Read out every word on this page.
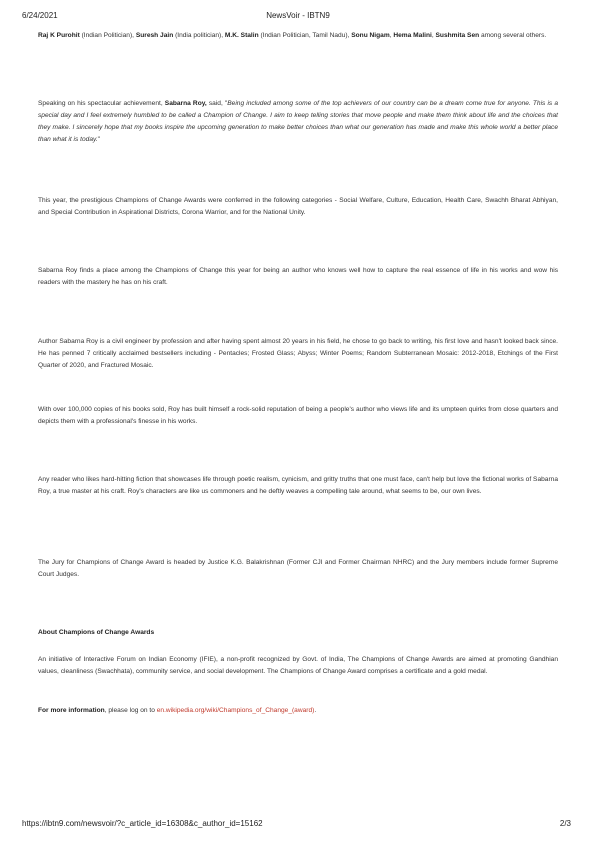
6/24/2021	NewsVoir - IBTN9

Raj K Purohit (Indian Politician), Suresh Jain (India politician), M.K. Stalin (Indian Politician, Tamil Nadu), Sonu Nigam, Hema Malini, Sushmita Sen among several others.

Speaking on his spectacular achievement, Sabarna Roy, said, "Being included among some of the top achievers of our country can be a dream come true for anyone. This is a special day and I feel extremely humbled to be called a Champion of Change. I aim to keep telling stories that move people and make them think about life and the choices that they make. I sincerely hope that my books inspire the upcoming generation to make better choices than what our generation has made and make this whole world a better place than what it is today."

This year, the prestigious Champions of Change Awards were conferred in the following categories - Social Welfare, Culture, Education, Health Care, Swachh Bharat Abhiyan, and Special Contribution in Aspirational Districts, Corona Warrior, and for the National Unity.

Sabarna Roy finds a place among the Champions of Change this year for being an author who knows well how to capture the real essence of life in his works and wow his readers with the mastery he has on his craft.

Author Sabarna Roy is a civil engineer by profession and after having spent almost 20 years in his field, he chose to go back to writing, his first love and hasn't looked back since. He has penned 7 critically acclaimed bestsellers including - Pentacles; Frosted Glass; Abyss; Winter Poems; Random Subterranean Mosaic: 2012-2018, Etchings of the First Quarter of 2020, and Fractured Mosaic.

With over 100,000 copies of his books sold, Roy has built himself a rock-solid reputation of being a people's author who views life and its umpteen quirks from close quarters and depicts them with a professional's finesse in his works.

Any reader who likes hard-hitting fiction that showcases life through poetic realism, cynicism, and gritty truths that one must face, can't help but love the fictional works of Sabarna Roy, a true master at his craft. Roy's characters are like us commoners and he deftly weaves a compelling tale around, what seems to be, our own lives.

The Jury for Champions of Change Award is headed by Justice K.G. Balakrishnan (Former CJI and Former Chairman NHRC) and the Jury members include former Supreme Court Judges.

About Champions of Change Awards

An initiative of Interactive Forum on Indian Economy (IFIE), a non-profit recognized by Govt. of India, The Champions of Change Awards are aimed at promoting Gandhian values, cleanliness (Swachhata), community service, and social development. The Champions of Change Award comprises a certificate and a gold medal.

For more information, please log on to en.wikipedia.org/wiki/Champions_of_Change_(award).

https://ibtn9.com/newsvoir/?c_article_id=16308&c_author_id=15162	2/3
